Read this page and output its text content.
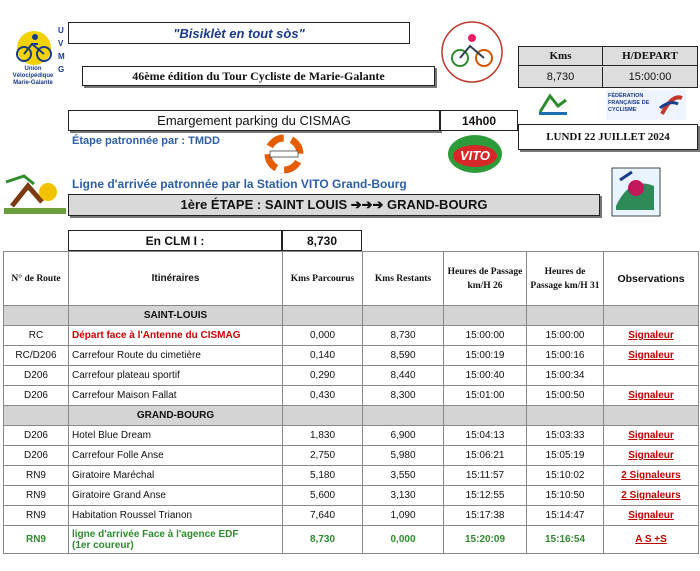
U V M G
Union Vélocipédique Marie-Galante
"Bisiklèt en tout sòs"
46ème édition du Tour Cycliste de Marie-Galante
Kms	H/DEPART
8,730	15:00:00
FÉDÉRATION FRANÇAISE DE CYCLISME
Emargement parking du CISMAG	14h00
LUNDI 22 JUILLET 2024
Étape patronnée par : TMDD
VITO
Ligne d'arrivée patronnée par la Station VITO Grand-Bourg
1ère ÉTAPE : SAINT LOUIS ➔➔➔ GRAND-BOURG
En CLM I :	8,730
N° de Route	Itinéraires	Kms Parcourus	Kms Restants	Heures de Passage km/H 26	Heures de Passage km/H 31	Observations
	SAINT-LOUIS					
RC	Départ face à l'Antenne du CISMAG	0,000	8,730	15:00:00	15:00:00	Signaleur
RC/D206	Carrefour Route du cimetière	0,140	8,590	15:00:19	15:00:16	Signaleur
D206	Carrefour plateau sportif	0,290	8,440	15:00:40	15:00:34	
D206	Carrefour Maison Fallat	0,430	8,300	15:01:00	15:00:50	Signaleur
	GRAND-BOURG					
D206	Hotel Blue Dream	1,830	6,900	15:04:13	15:03:33	Signaleur
D206	Carrefour Folle Anse	2,750	5,980	15:06:21	15:05:19	Signaleur
RN9	Giratoire Maréchal	5,180	3,550	15:11:57	15:10:02	2 Signaleurs
RN9	Giratoire Grand Anse	5,600	3,130	15:12:55	15:10:50	2 Signaleurs
RN9	Habitation Roussel Trianon	7,640	1,090	15:17:38	15:14:47	Signaleur
RN9	ligne d'arrivée Face à l'agence EDF
(1er coureur)	8,730	0,000	15:20:09	15:16:54	A S +S
